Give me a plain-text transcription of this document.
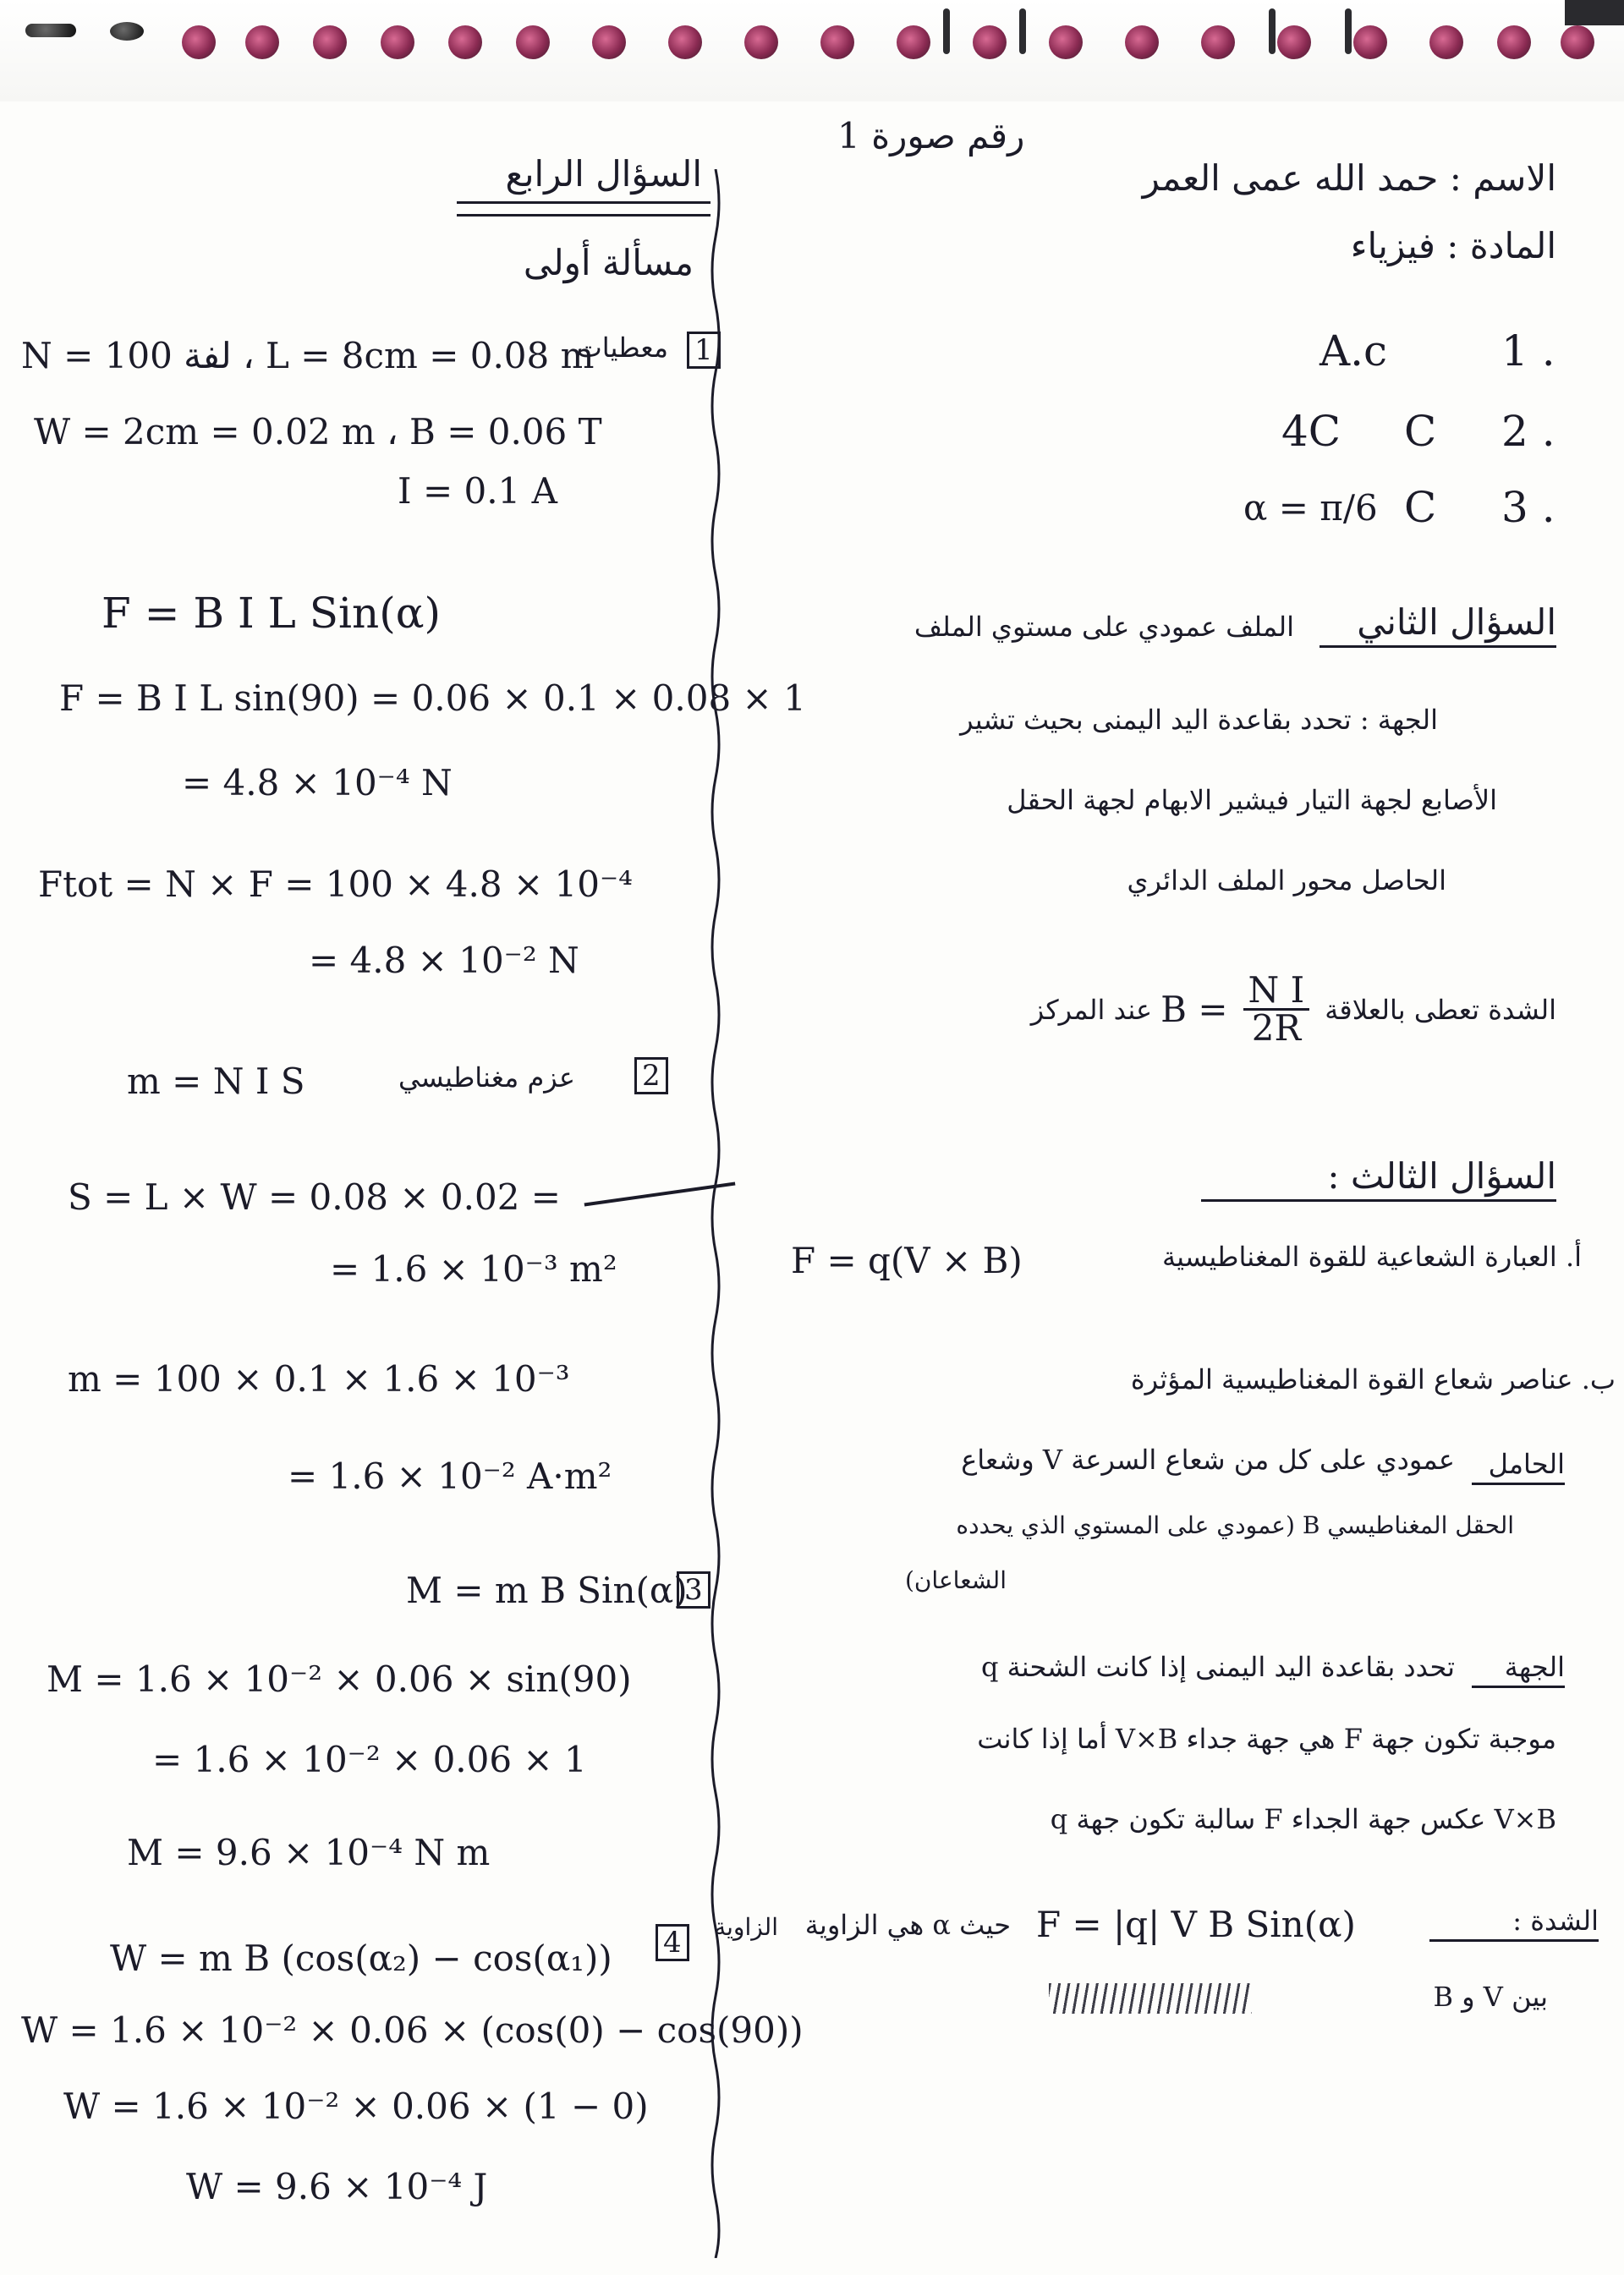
رقم صورة 1
الاسم : حمد الله عمى العمر
المادة : فيزياء
1 .
A.c
2 .
C
4C
3 .
C
α = π/6
السؤال الثاني
الملف عمودي على مستوي الملف
الجهة : تحدد بقاعدة اليد اليمنى بحيث تشير
الأصابع لجهة التيار فيشير الابهام لجهة الحقل
الحاصل محور الملف الدائري
الشدة تعطى بالعلاقة
$\frac{\text{N I}}{2R}$
B =
عند المركز
السؤال الثالث :
أ. العبارة الشعاعية للقوة المغناطيسية
F = q(V × B)
ب. عناصر شعاع القوة المغناطيسية المؤثرة
الحامل
عمودي على كل من شعاع السرعة V وشعاع
الحقل المغناطيسي B (عمودي على المستوي الذي يحدده
الشعاعان)
الجهة
تحدد بقاعدة اليد اليمنى إذا كانت الشحنة q
موجبة تكون جهة F هي جهة جداء V×B أما إذا كانت
q سالبة تكون جهة F عكس جهة الجداء V×B
الشدة :
F = |q| V B Sin(α)
حيث α هي الزاوية
بين V و B
السؤال الرابع
مسألة أولى
1
معطيات
N = 100 لفة ، L = 8cm = 0.08 m
W = 2cm = 0.02 m ، B = 0.06 T
I = 0.1 A
F = B I L Sin(α)
F = B I L sin(90) = 0.06 × 0.1 × 0.08 × 1
= 4.8 × 10⁻⁴ N
Ftot = N × F = 100 × 4.8 × 10⁻⁴
= 4.8 × 10⁻² N
2
عزم مغناطيسي
m = N I S
S = L × W = 0.08 × 0.02 =
= 1.6 × 10⁻³ m²
m = 100 × 0.1 × 1.6 × 10⁻³
= 1.6 × 10⁻² A·m²
M = m B Sin(α)
3
M = 1.6 × 10⁻² × 0.06 × sin(90)
= 1.6 × 10⁻² × 0.06 × 1
M = 9.6 × 10⁻⁴ N m
W = m B (cos(α₂) − cos(α₁)) 4	الزاوية
W = 1.6 × 10⁻² × 0.06 × (cos(0) − cos(90))
W = 1.6 × 10⁻² × 0.06 × (1 − 0)
W = 9.6 × 10⁻⁴ J
